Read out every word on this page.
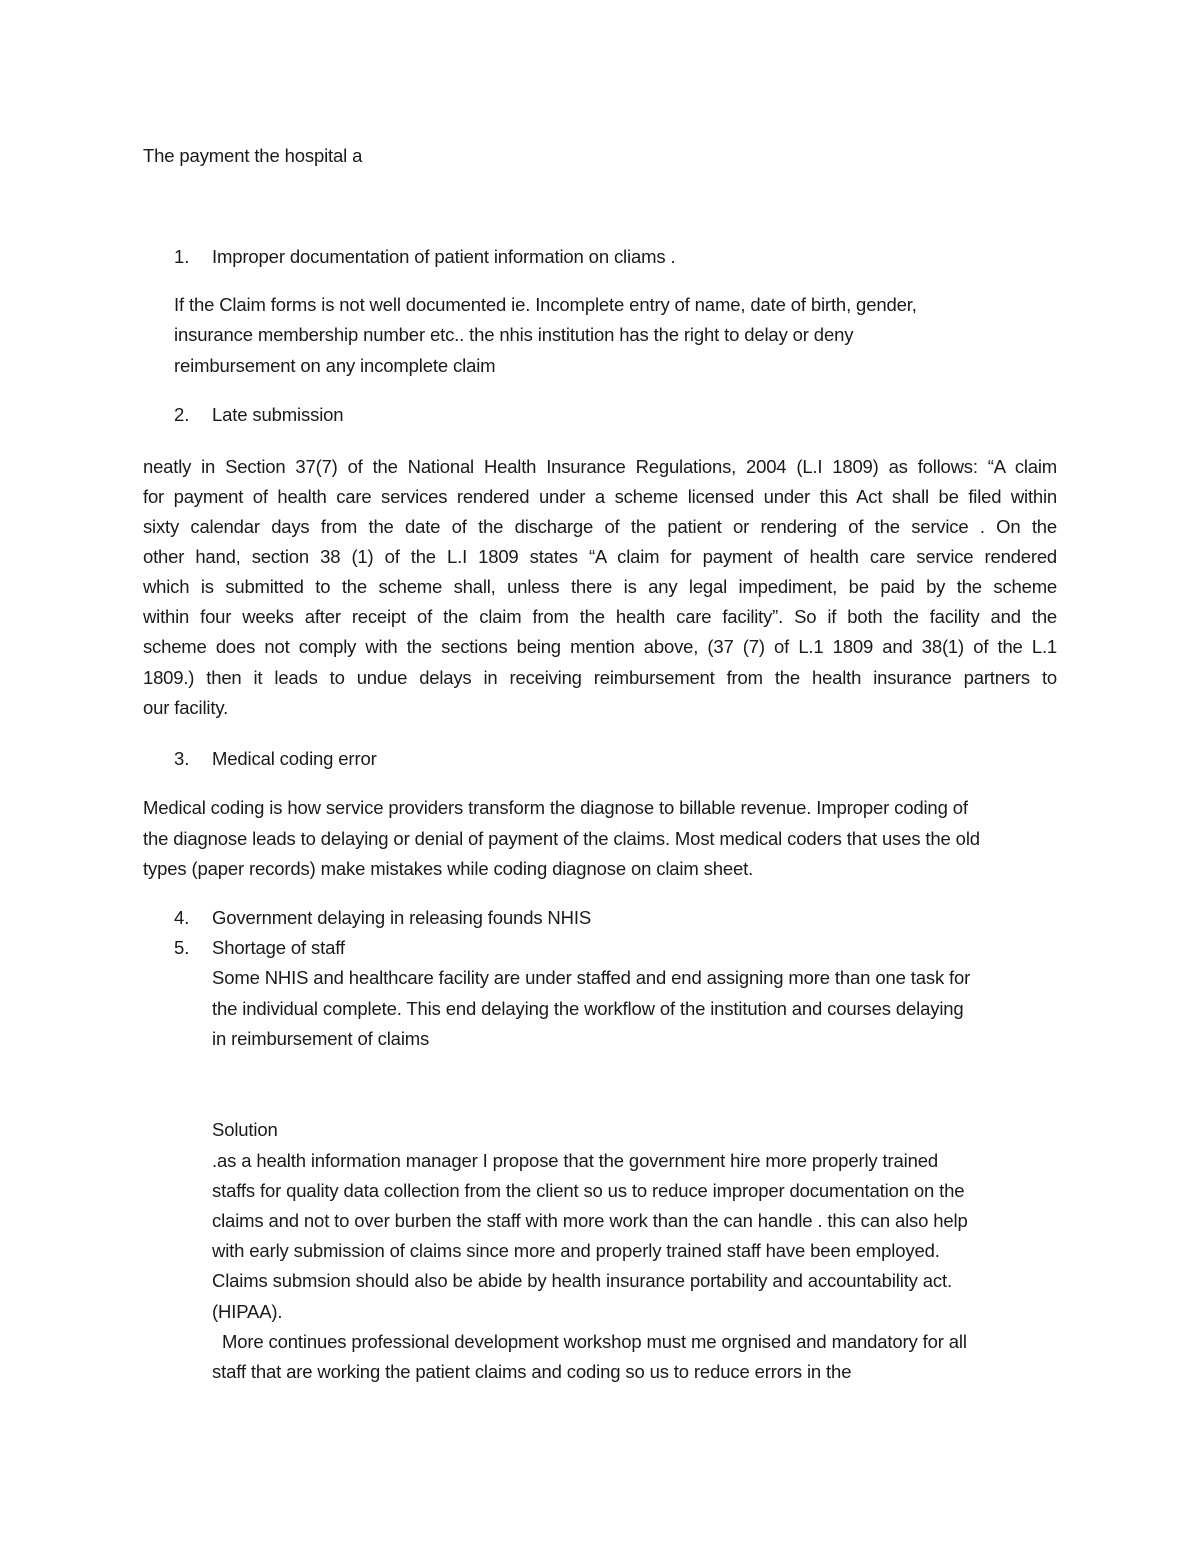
The payment the hospital a
1. Improper documentation of patient information on cliams .
If the Claim forms is not well documented ie. Incomplete entry of name, date of birth, gender,
insurance membership number etc.. the nhis institution has the right to delay or deny
reimbursement on any incomplete claim
2. Late submission
neatly in Section 37(7) of the National Health Insurance Regulations, 2004 (L.I 1809) as follows: “A claim
for payment of health care services rendered under a scheme licensed under this Act shall be filed within
sixty calendar days from the date of the discharge of the patient or rendering of the service . On the
other hand, section 38 (1) of the L.I 1809 states “A claim for payment of health care service rendered
which is submitted to the scheme shall, unless there is any legal impediment, be paid by the scheme
within four weeks after receipt of the claim from the health care facility”. So if both the facility and the
scheme does not comply with the sections being mention above, (37 (7) of L.1 1809 and 38(1) of the L.1
1809.) then it leads to undue delays in receiving reimbursement from the health insurance partners to
our facility.
3. Medical coding error
Medical coding is how service providers transform the diagnose to billable revenue. Improper coding of
the diagnose leads to delaying or denial of payment of the claims. Most medical coders that uses the old
types (paper records) make mistakes while coding diagnose on claim sheet.
4. Government delaying in releasing founds NHIS
5. Shortage of staff
Some NHIS and healthcare facility are under staffed and end assigning more than one task for
the individual complete. This end delaying the workflow of the institution and courses delaying
in reimbursement of claims
Solution
.as a health information manager I propose that the government hire more properly trained
staffs for quality data collection from the client so us to reduce improper documentation on the
claims and not to over burben the staff with more work than the can handle . this can also help
with early submission of claims since more and properly trained staff have been employed.
Claims submsion should also be abide by health insurance portability and accountability act.
(HIPAA).
More continues professional development workshop must me orgnised and mandatory for all
staff that are working the patient claims and coding so us to reduce errors in the
